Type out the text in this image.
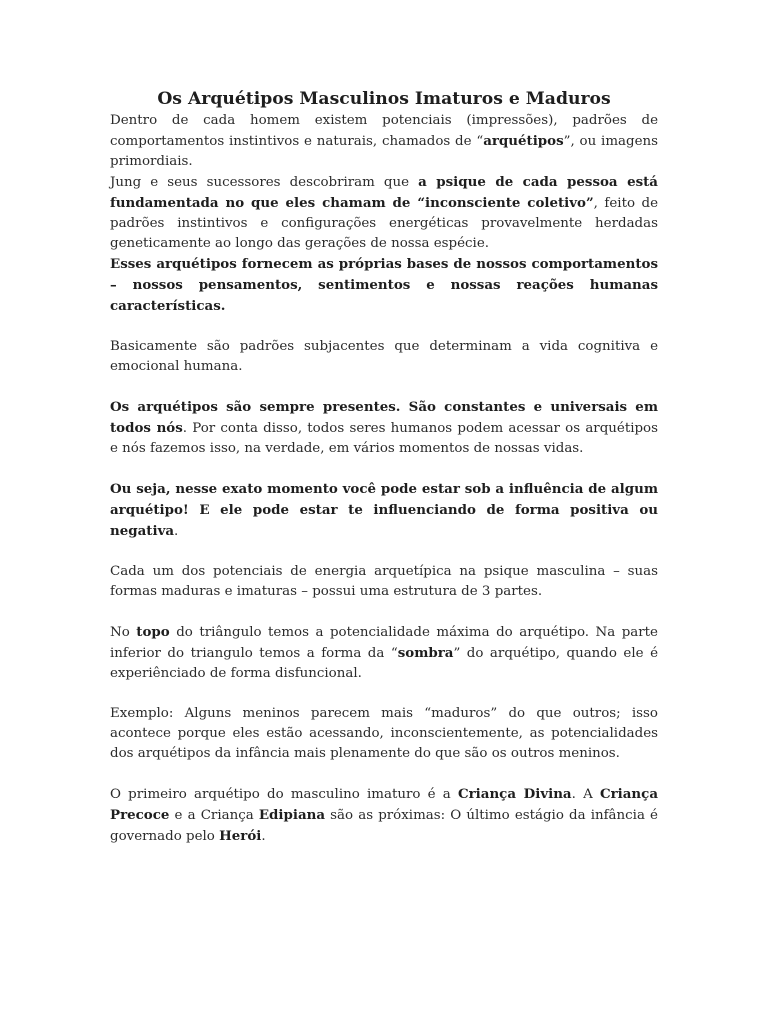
Os Arquétipos Masculinos Imaturos e Maduros

Dentro de cada homem existem potenciais (impressões), padrões de comportamentos instintivos e naturais, chamados de “arquétipos”, ou imagens primordiais.

Jung e seus sucessores descobriram que a psique de cada pessoa está fundamentada no que eles chamam de “inconsciente coletivo”, feito de padrões instintivos e configurações energéticas provavelmente herdadas geneticamente ao longo das gerações de nossa espécie.

Esses arquétipos fornecem as próprias bases de nossos comportamentos – nossos pensamentos, sentimentos e nossas reações humanas características.

Basicamente são padrões subjacentes que determinam a vida cognitiva e emocional humana.

Os arquétipos são sempre presentes. São constantes e universais em todos nós. Por conta disso, todos seres humanos podem acessar os arquétipos e nós fazemos isso, na verdade, em vários momentos de nossas vidas.

Ou seja, nesse exato momento você pode estar sob a influência de algum arquétipo! E ele pode estar te influenciando de forma positiva ou negativa.

Cada um dos potenciais de energia arquetípica na psique masculina – suas formas maduras e imaturas – possui uma estrutura de 3 partes.

No topo do triângulo temos a potencialidade máxima do arquétipo. Na parte inferior do triangulo temos a forma da “sombra” do arquétipo, quando ele é experiênciado de forma disfuncional.

Exemplo: Alguns meninos parecem mais “maduros” do que outros; isso acontece porque eles estão acessando, inconscientemente, as potencialidades dos arquétipos da infância mais plenamente do que são os outros meninos.

O primeiro arquétipo do masculino imaturo é a Criança Divina. A Criança Precoce e a Criança Edipiana são as próximas: O último estágio da infância é governado pelo Herói.
